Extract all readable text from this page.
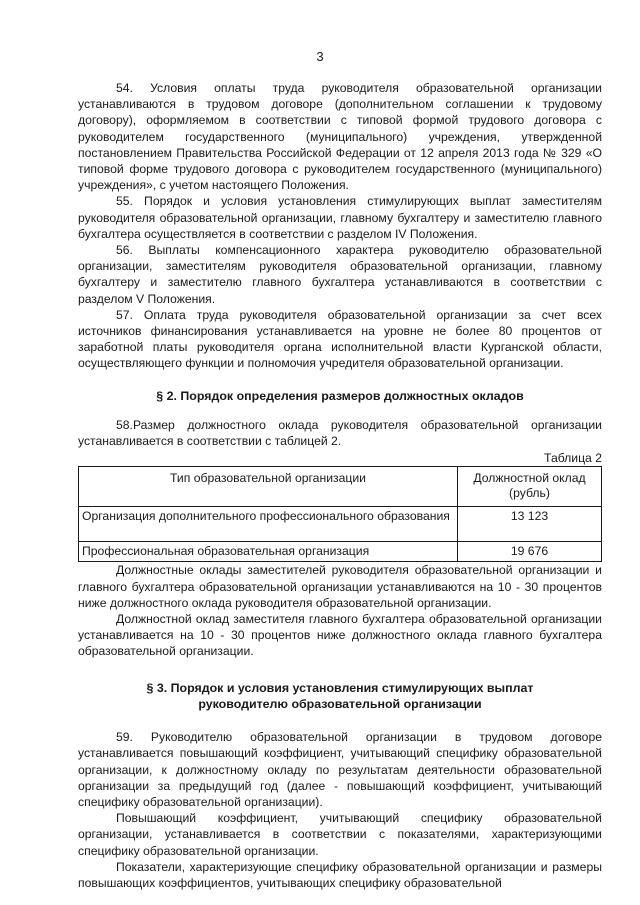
3

54. Условия оплаты труда руководителя образовательной организации устанавливаются в трудовом договоре (дополнительном соглашении к трудовому договору), оформляемом в соответствии с типовой формой трудового договора с руководителем государственного (муниципального) учреждения, утвержденной постановлением Правительства Российской Федерации от 12 апреля 2013 года № 329 «О типовой форме трудового договора с руководителем государственного (муниципального) учреждения», с учетом настоящего Положения.

55. Порядок и условия установления стимулирующих выплат заместителям руководителя образовательной организации, главному бухгалтеру и заместителю главного бухгалтера осуществляется в соответствии с разделом IV Положения.

56. Выплаты компенсационного характера руководителю образовательной организации, заместителям руководителя образовательной организации, главному бухгалтеру и заместителю главного бухгалтера устанавливаются в соответствии с разделом V Положения.

57. Оплата труда руководителя образовательной организации за счет всех источников финансирования устанавливается на уровне не более 80 процентов от заработной платы руководителя органа исполнительной власти Курганской области, осуществляющего функции и полномочия учредителя образовательной организации.

§ 2. Порядок определения размеров должностных окладов

58.Размер должностного оклада руководителя образовательной организации устанавливается в соответствии с таблицей 2.

Таблица 2
Тип образовательной организации	Должностной оклад (рубль)
Организация дополнительного профессионального образования	13 123
Профессиональная образовательная организация	19 676

Должностные оклады заместителей руководителя образовательной организации и главного бухгалтера образовательной организации устанавливаются на 10 - 30 процентов ниже должностного оклада руководителя образовательной организации.

Должностной оклад заместителя главного бухгалтера образовательной организации устанавливается на 10 - 30 процентов ниже должностного оклада главного бухгалтера образовательной организации.

§ 3. Порядок и условия установления стимулирующих выплат
руководителю образовательной организации

59. Руководителю образовательной организации в трудовом договоре устанавливается повышающий коэффициент, учитывающий специфику образовательной организации, к должностному окладу по результатам деятельности образовательной организации за предыдущий год (далее - повышающий коэффициент, учитывающий специфику образовательной организации).

Повышающий коэффициент, учитывающий специфику образовательной организации, устанавливается в соответствии с показателями, характеризующими специфику образовательной организации.

Показатели, характеризующие специфику образовательной организации и размеры повышающих коэффициентов, учитывающих специфику образовательной
